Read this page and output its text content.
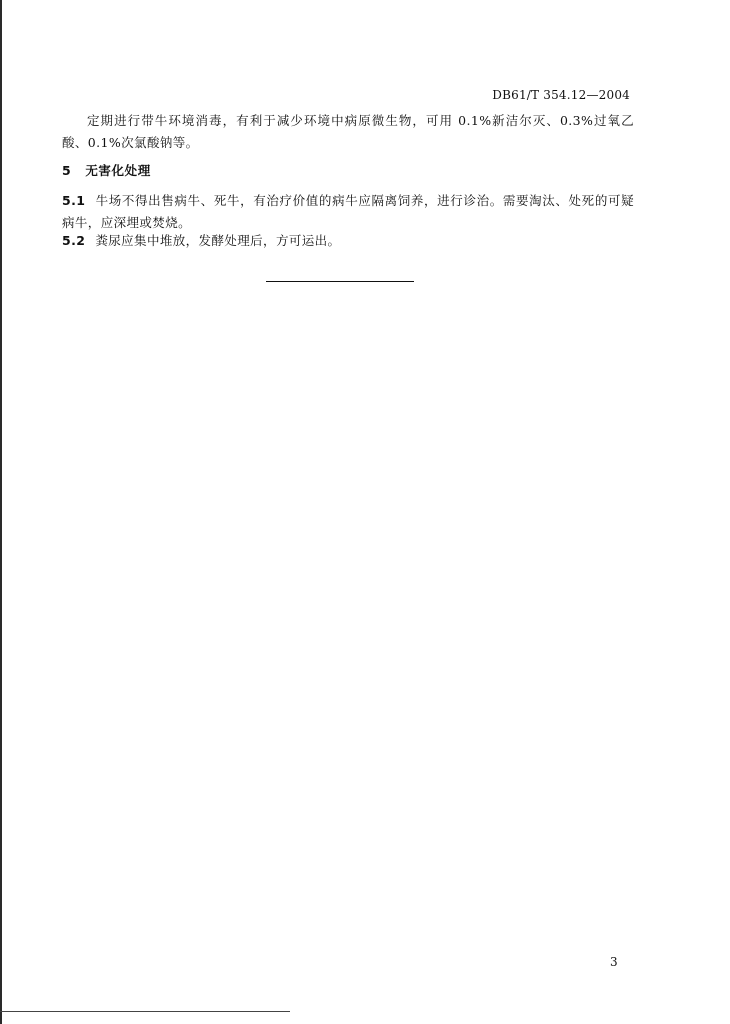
DB61/T 354.12—2004

定期进行带牛环境消毒，有利于减少环境中病原微生物，可用 0.1%新洁尔灭、0.3%过氧乙酸、0.1%次氯酸钠等。

5 无害化处理
5.1 牛场不得出售病牛、死牛，有治疗价值的病牛应隔离饲养，进行诊治。需要淘汰、处死的可疑病牛，应深埋或焚烧。
5.2 粪尿应集中堆放，发酵处理后，方可运出。
3
